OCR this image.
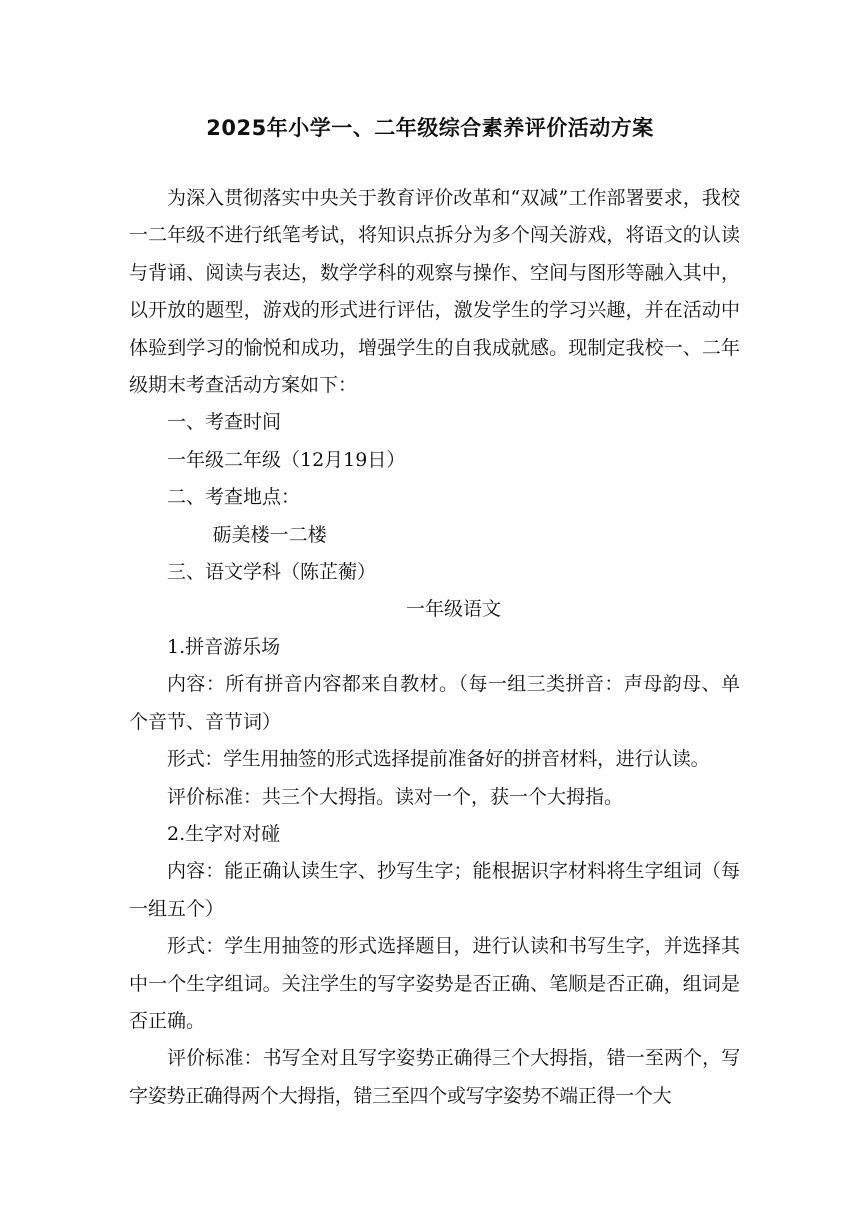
2025年小学一、二年级综合素养评价活动方案

为深入贯彻落实中央关于教育评价改革和“双减”工作部署要求，我校一二年级不进行纸笔考试，将知识点拆分为多个闯关游戏，将语文的认读与背诵、阅读与表达，数学学科的观察与操作、空间与图形等融入其中，以开放的题型，游戏的形式进行评估，激发学生的学习兴趣，并在活动中体验到学习的愉悦和成功，增强学生的自我成就感。现制定我校一、二年级期末考查活动方案如下：

一、考查时间

一年级二年级（12月19日）

二、考查地点：

砺美楼一二楼

三、语文学科（陈芷蘅）

一年级语文

1.拼音游乐场

内容：所有拼音内容都来自教材。（每一组三类拼音：声母韵母、单个音节、音节词）

形式：学生用抽签的形式选择提前准备好的拼音材料，进行认读。

评价标准：共三个大拇指。读对一个，获一个大拇指。

2.生字对对碰

内容：能正确认读生字、抄写生字；能根据识字材料将生字组词（每一组五个）

形式：学生用抽签的形式选择题目，进行认读和书写生字，并选择其中一个生字组词。关注学生的写字姿势是否正确、笔顺是否正确，组词是否正确。

评价标准：书写全对且写字姿势正确得三个大拇指，错一至两个，写字姿势正确得两个大拇指，错三至四个或写字姿势不端正得一个大
